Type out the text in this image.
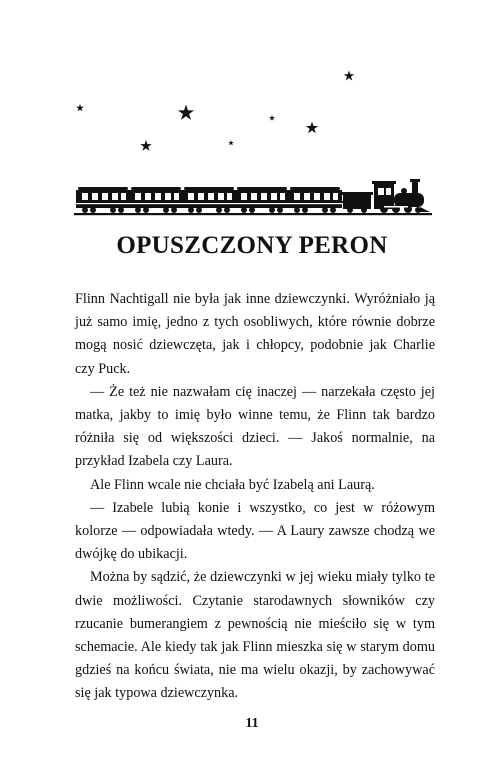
OPUSZCZONY PERON

Flinn Nachtigall nie była jak inne dziewczynki. Wyróżniało ją już samo imię, jedno z tych osobliwych, które równie dobrze mogą nosić dziewczęta, jak i chłopcy, podobnie jak Charlie czy Puck.

— Że też nie nazwałam cię inaczej — narzekała często jej matka, jakby to imię było winne temu, że Flinn tak bardzo różniła się od większości dzieci. — Jakoś normalnie, na przykład Izabela czy Laura.

Ale Flinn wcale nie chciała być Izabelą ani Laurą.

— Izabele lubią konie i wszystko, co jest w różowym kolorze — odpowiadała wtedy. — A Laury zawsze chodzą we dwójkę do ubikacji.

Można by sądzić, że dziewczynki w jej wieku miały tylko te dwie możliwości. Czytanie starodawnych słowników czy rzucanie bumerangiem z pewnością nie mieściło się w tym schemacie. Ale kiedy tak jak Flinn mieszka się w starym domu gdzieś na końcu świata, nie ma wielu okazji, by zachowywać się jak typowa dziewczynka.

11
